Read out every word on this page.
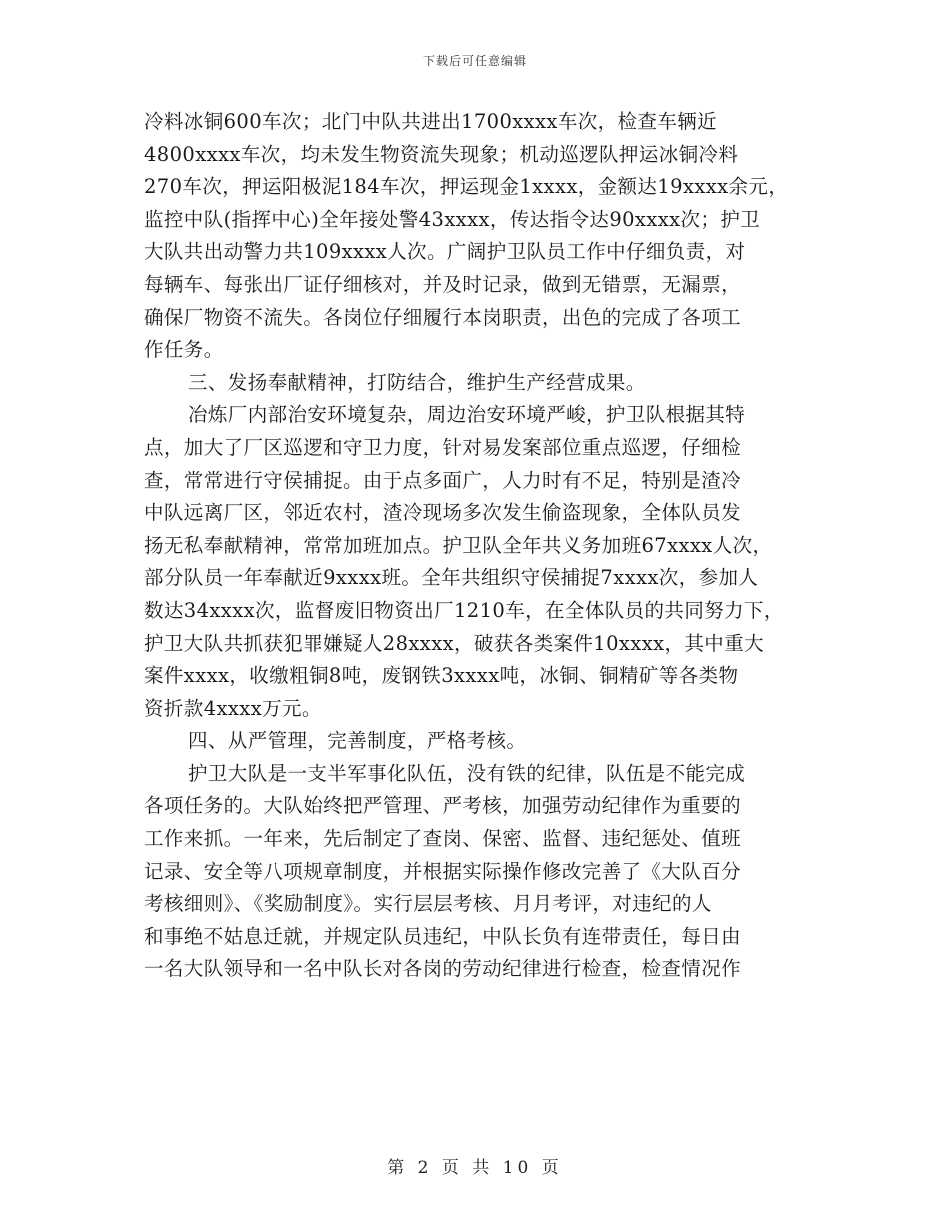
下载后可任意编辑
冷料冰铜600车次；北门中队共进出1700xxxx车次，检查车辆近
4800xxxx车次，均未发生物资流失现象；机动巡逻队押运冰铜冷料
270车次，押运阳极泥184车次，押运现金1xxxx，金额达19xxxx余元，
监控中队(指挥中心)全年接处警43xxxx，传达指令达90xxxx次；护卫
大队共出动警力共109xxxx人次。广阔护卫队员工作中仔细负责，对
每辆车、每张出厂证仔细核对，并及时记录，做到无错票，无漏票，
确保厂物资不流失。各岗位仔细履行本岗职责，出色的完成了各项工
作任务。
三、发扬奉献精神，打防结合，维护生产经营成果。
冶炼厂内部治安环境复杂，周边治安环境严峻，护卫队根据其特
点，加大了厂区巡逻和守卫力度，针对易发案部位重点巡逻，仔细检
查，常常进行守侯捕捉。由于点多面广，人力时有不足，特别是渣冷
中队远离厂区，邻近农村，渣冷现场多次发生偷盗现象，全体队员发
扬无私奉献精神，常常加班加点。护卫队全年共义务加班67xxxx人次，
部分队员一年奉献近9xxxx班。全年共组织守侯捕捉7xxxx次，参加人
数达34xxxx次，监督废旧物资出厂1210车，在全体队员的共同努力下，
护卫大队共抓获犯罪嫌疑人28xxxx，破获各类案件10xxxx，其中重大
案件xxxx，收缴粗铜8吨，废钢铁3xxxx吨，冰铜、铜精矿等各类物
资折款4xxxx万元。
四、从严管理，完善制度，严格考核。
护卫大队是一支半军事化队伍，没有铁的纪律，队伍是不能完成
各项任务的。大队始终把严管理、严考核，加强劳动纪律作为重要的
工作来抓。一年来，先后制定了查岗、保密、监督、违纪惩处、值班
记录、安全等八项规章制度，并根据实际操作修改完善了《大队百分
考核细则》、《奖励制度》。实行层层考核、月月考评，对违纪的人
和事绝不姑息迁就，并规定队员违纪，中队长负有连带责任，每日由
一名大队领导和一名中队长对各岗的劳动纪律进行检查，检查情况作
第 2 页 共 10 页
